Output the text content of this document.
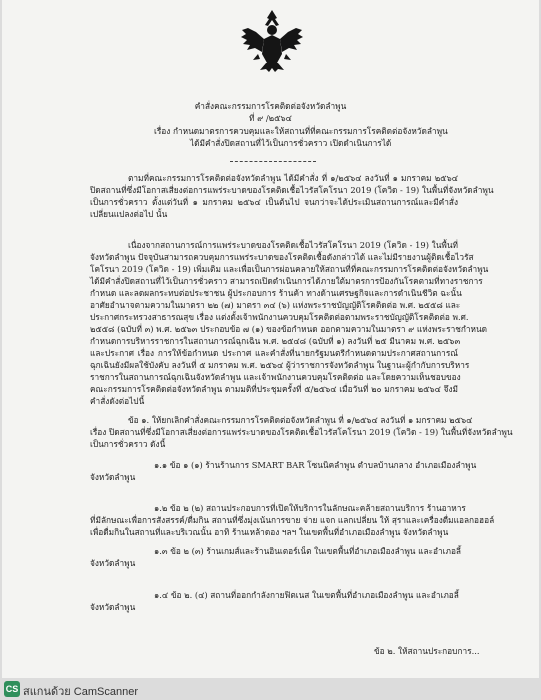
คำสั่งคณะกรรมการโรคติดต่อจังหวัดลำพูน
ที่ ๙ /๒๕๖๔
เรื่อง กำหนดมาตรการควบคุมและให้สถานที่ที่คณะกรรมการโรคติดต่อจังหวัดลำพูน
ได้มีคำสั่งปิดสถานที่ไว้เป็นการชั่วคราว เปิดดำเนินการได้
ตามที่คณะกรรมการโรคติดต่อจังหวัดลำพูน ได้มีคำสั่ง ที่ ๑/๒๕๖๔ ลงวันที่ ๑ มกราคม ๒๕๖๔
ปิดสถานที่ซึ่งมีโอกาสเสี่ยงต่อการแพร่ระบาดของโรคติดเชื้อไวรัสโคโรนา 2019 (โควิด - 19) ในพื้นที่จังหวัดลำพูน
เป็นการชั่วคราว ตั้งแต่วันที่ ๑ มกราคม ๒๕๖๔ เป็นต้นไป จนกว่าจะได้ประเมินสถานการณ์และมีคำสั่ง
เปลี่ยนแปลงต่อไป นั้น
เนื่องจากสถานการณ์การแพร่ระบาดของโรคติดเชื้อไวรัสโคโรนา 2019 (โควิด - 19) ในพื้นที่
จังหวัดลำพูน ปัจจุบันสามารถควบคุมการแพร่ระบาดของโรคติดเชื้อดังกล่าวได้ และไม่มีรายงานผู้ติดเชื้อไวรัส
โคโรนา 2019 (โควิด - 19) เพิ่มเติม และเพื่อเป็นการผ่อนคลายให้สถานที่ที่คณะกรรมการโรคติดต่อจังหวัดลำพูน
ได้มีคำสั่งปิดสถานที่ไว้เป็นการชั่วคราว สามารถเปิดดำเนินการได้ภายใต้มาตรการป้องกันโรคตามที่ทางราชการ
กำหนด และลดผลกระทบต่อประชาชน ผู้ประกอบการ ร้านค้า ทางด้านเศรษฐกิจและการดำเนินชีวิต ฉะนั้น
อาศัยอำนาจตามความในมาตรา ๒๒ (๗) มาตรา ๓๔ (๖) แห่งพระราชบัญญัติโรคติดต่อ พ.ศ. ๒๕๕๘ และ
ประกาศกระทรวงสาธารณสุข เรื่อง แต่งตั้งเจ้าพนักงานควบคุมโรคติดต่อตามพระราชบัญญัติโรคติดต่อ พ.ศ.
๒๕๕๘ (ฉบับที่ ๓) พ.ศ. ๒๕๖๓ ประกอบข้อ ๗ (๑) ของข้อกำหนด ออกตามความในมาตรา ๙ แห่งพระราชกำหนด
กำหนดการบริหารราชการในสถานการณ์ฉุกเฉิน พ.ศ. ๒๕๔๘ (ฉบับที่ ๑) ลงวันที่ ๒๕ มีนาคม พ.ศ. ๒๕๖๓
และประกาศ เรื่อง การให้ข้อกำหนด ประกาศ และคำสั่งที่นายกรัฐมนตรีกำหนดตามประกาศสถานการณ์
ฉุกเฉินยังมีผลใช้บังคับ ลงวันที่ ๕ มกราคม พ.ศ. ๒๕๖๔ ผู้ว่าราชการจังหวัดลำพูน ในฐานะผู้กำกับการบริหาร
ราชการในสถานการณ์ฉุกเฉินจังหวัดลำพูน และเจ้าพนักงานควบคุมโรคติดต่อ และโดยความเห็นชอบของ
คณะกรรมการโรคติดต่อจังหวัดลำพูน ตามมติที่ประชุมครั้งที่ ๕/๒๕๖๔ เมื่อวันที่ ๒๐ มกราคม ๒๕๖๔ จึงมี
คำสั่งดังต่อไปนี้
ข้อ ๑. ให้ยกเลิกคำสั่งคณะกรรมการโรคติดต่อจังหวัดลำพูน ที่ ๑/๒๕๖๔ ลงวันที่ ๑ มกราคม ๒๕๖๔
เรื่อง ปิดสถานที่ซึ่งมีโอกาสเสี่ยงต่อการแพร่ระบาดของโรคติดเชื้อไวรัสโคโรนา 2019 (โควิด - 19) ในพื้นที่จังหวัดลำพูน
เป็นการชั่วคราว ดังนี้
๑.๑ ข้อ ๑ (๑) ร้านร้านการ SMART BAR โซนนิคลำพูน ตำบลบ้านกลาง อำเภอเมืองลำพูน
จังหวัดลำพูน
๑.๒ ข้อ ๒ (๒) สถานประกอบการที่เปิดให้บริการในลักษณะคล้ายสถานบริการ ร้านอาหาร
ที่มีลักษณะเพื่อการสังสรรค์/ดื่มกิน สถานที่ซึ่งมุ่งเน้นการขาย จ่าย แจก แลกเปลี่ยน ให้ สุราและเครื่องดื่มแอลกอฮอล์
เพื่อดื่มกินในสถานที่และบริเวณนั้น อาทิ ร้านเหล้าดอง ฯลฯ ในเขตพื้นที่อำเภอเมืองลำพูน จังหวัดลำพูน
๑.๓ ข้อ ๒ (๓) ร้านเกมส์และร้านอินเตอร์เน็ต ในเขตพื้นที่อำเภอเมืองลำพูน และอำเภอลี้
จังหวัดลำพูน
๑.๔ ข้อ ๒. (๔) สถานที่ออกกำลังกายฟิตเนส ในเขตพื้นที่อำเภอเมืองลำพูน และอำเภอลี้
จังหวัดลำพูน
ข้อ ๒. ให้สถานประกอบการ...
CS สแกนด้วย CamScanner
